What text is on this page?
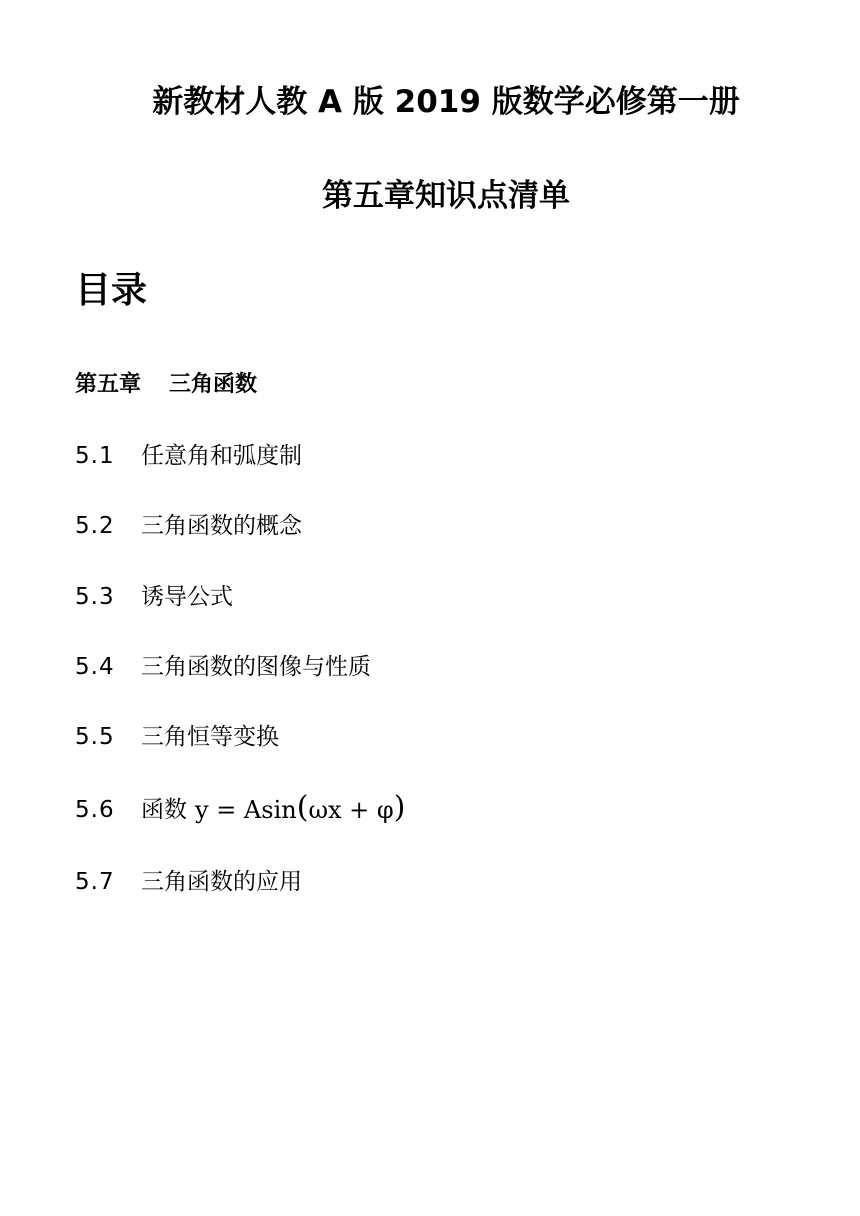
新教材人教 A 版 2019 版数学必修第一册
第五章知识点清单
目录
第五章 三角函数
5.1	任意角和弧度制
5.2	三角函数的概念
5.3	诱导公式
5.4	三角函数的图像与性质
5.5	三角恒等变换
5.6	函数 y = Asin(ωx + φ)
5.7	三角函数的应用
